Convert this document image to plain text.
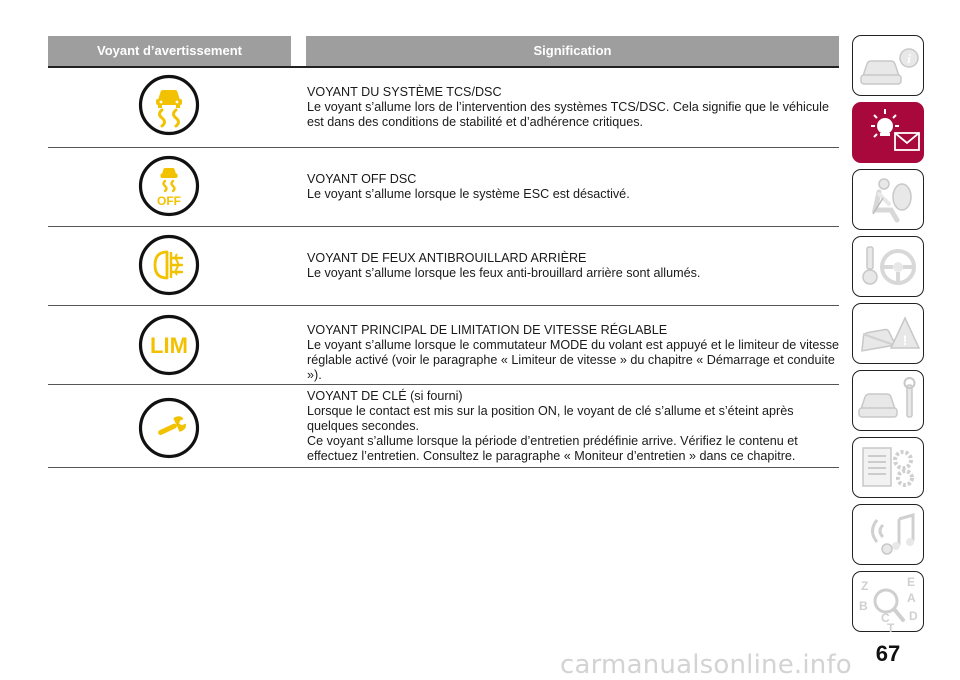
Voyant d’avertissement	Signification

VOYANT DU SYSTÈME TCS/DSC

Le voyant s’allume lors de l’intervention des systèmes TCS/DSC. Cela signifie que le véhicule est dans des conditions de stabilité et d’adhérence critiques.

OFF

VOYANT OFF DSC

Le voyant s’allume lorsque le système ESC est désactivé.

VOYANT DE FEUX ANTIBROUILLARD ARRIÈRE

Le voyant s’allume lorsque les feux anti-brouillard arrière sont allumés.

LIM

VOYANT PRINCIPAL DE LIMITATION DE VITESSE RÉGLABLE

Le voyant s’allume lorsque le commutateur MODE du volant est appuyé et le limiteur de vitesse réglable activé (voir le paragraphe « Limiteur de vitesse » du chapitre « Démarrage et conduite »).

VOYANT DE CLÉ (si fourni)

Lorsque le contact est mis sur la position ON, le voyant de clé s’allume et s’éteint après quelques secondes.

Ce voyant s’allume lorsque la période d’entretien prédéfinie arrive. Vérifiez le contenu et effectuez l’entretien. Consultez le paragraphe « Moniteur d’entretien » dans ce chapitre.

i
!
Z	E
A
B
C
T
D
67
carmanualsonline.info
